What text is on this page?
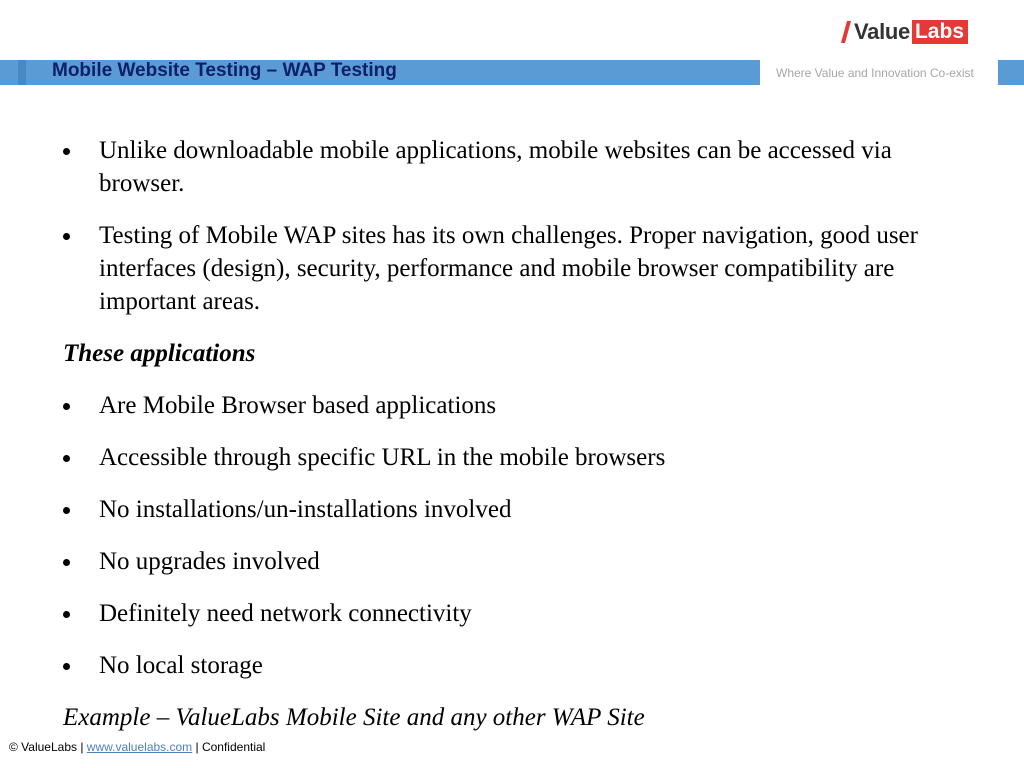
Value Labs
Mobile Website Testing – WAP Testing	Where Value and Innovation Co-exist
Unlike downloadable mobile applications, mobile websites can be accessed via browser.
Testing of Mobile WAP sites has its own challenges. Proper navigation, good user interfaces (design), security, performance and mobile browser compatibility are important areas.
These applications
Are Mobile Browser based applications
Accessible through specific URL in the mobile browsers
No installations/un-installations involved
No upgrades involved
Definitely need network connectivity
No local storage
Example – ValueLabs Mobile Site and any other WAP Site
© ValueLabs | www.valuelabs.com | Confidential
